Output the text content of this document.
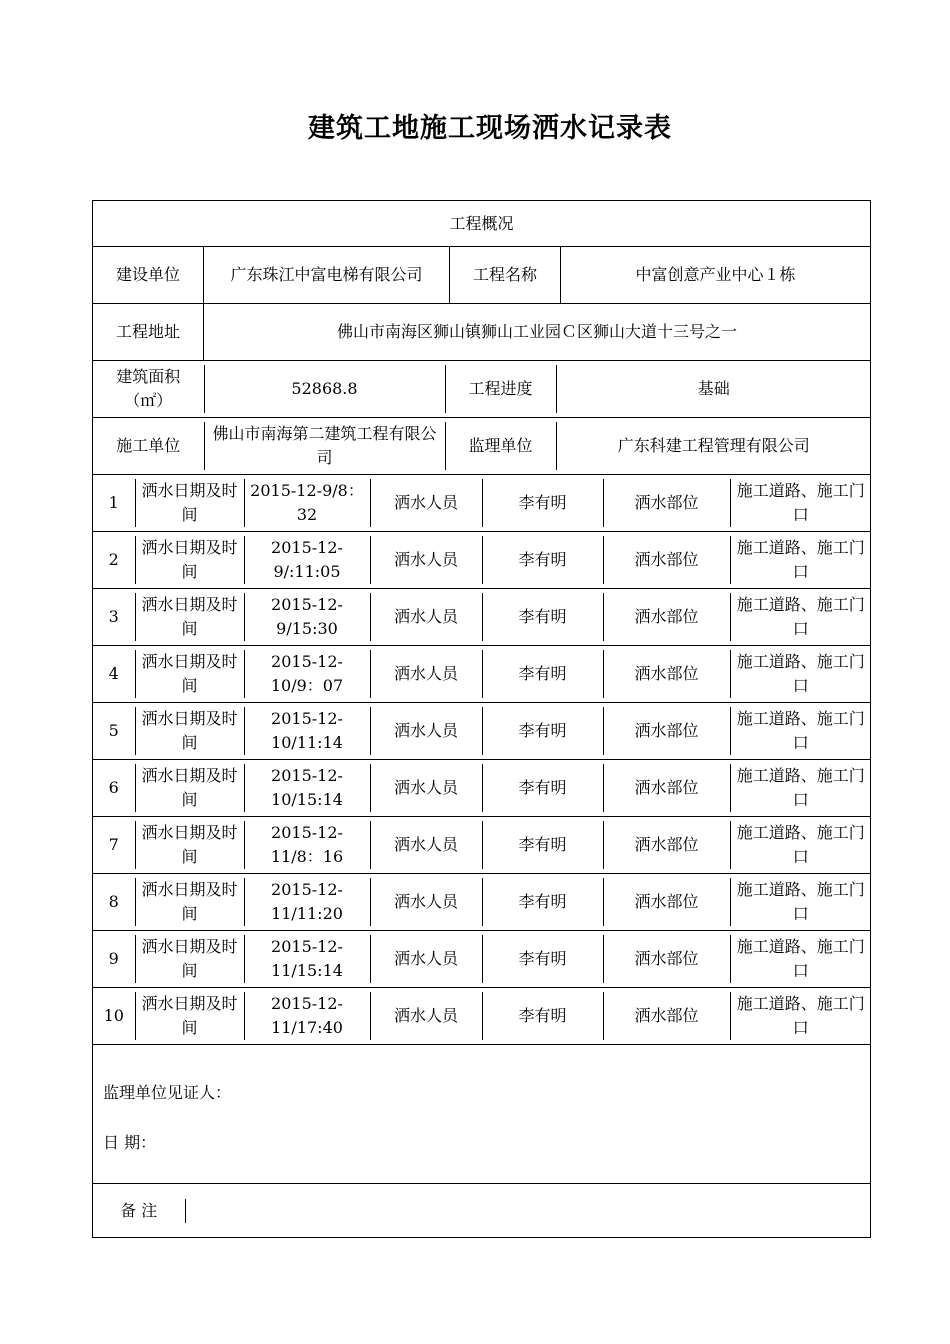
建筑工地施工现场洒水记录表
工程概况
建设单位	广东珠江中富电梯有限公司	工程名称	中富创意产业中心１栋
工程地址	佛山市南海区狮山镇狮山工业园Ｃ区狮山大道十三号之一

建筑面积（㎡）	52868.8	工程进度	基础

施工单位	佛山市南海第二建筑工程有限公司	监理单位	广东科建工程管理有限公司

1	洒水日期及时间	2015-12-9/8：32	洒水人员	李有明	洒水部位	施工道路、施工门口

2	洒水日期及时间	2015-12-9/:11:05	洒水人员	李有明	洒水部位	施工道路、施工门口

3	洒水日期及时间	2015-12-9/15:30	洒水人员	李有明	洒水部位	施工道路、施工门口

4	洒水日期及时间	2015-12-10/9：07	洒水人员	李有明	洒水部位	施工道路、施工门口

5	洒水日期及时间	2015-12-10/11:14	洒水人员	李有明	洒水部位	施工道路、施工门口

6	洒水日期及时间	2015-12-10/15:14	洒水人员	李有明	洒水部位	施工道路、施工门口

7	洒水日期及时间	2015-12-11/8：16	洒水人员	李有明	洒水部位	施工道路、施工门口

8	洒水日期及时间	2015-12-11/11:20	洒水人员	李有明	洒水部位	施工道路、施工门口

9	洒水日期及时间	2015-12-11/15:14	洒水人员	李有明	洒水部位	施工道路、施工门口

10	洒水日期及时间	2015-12-11/17:40	洒水人员	李有明	洒水部位	施工道路、施工门口

监理单位见证人：
日 期：

备 注	
